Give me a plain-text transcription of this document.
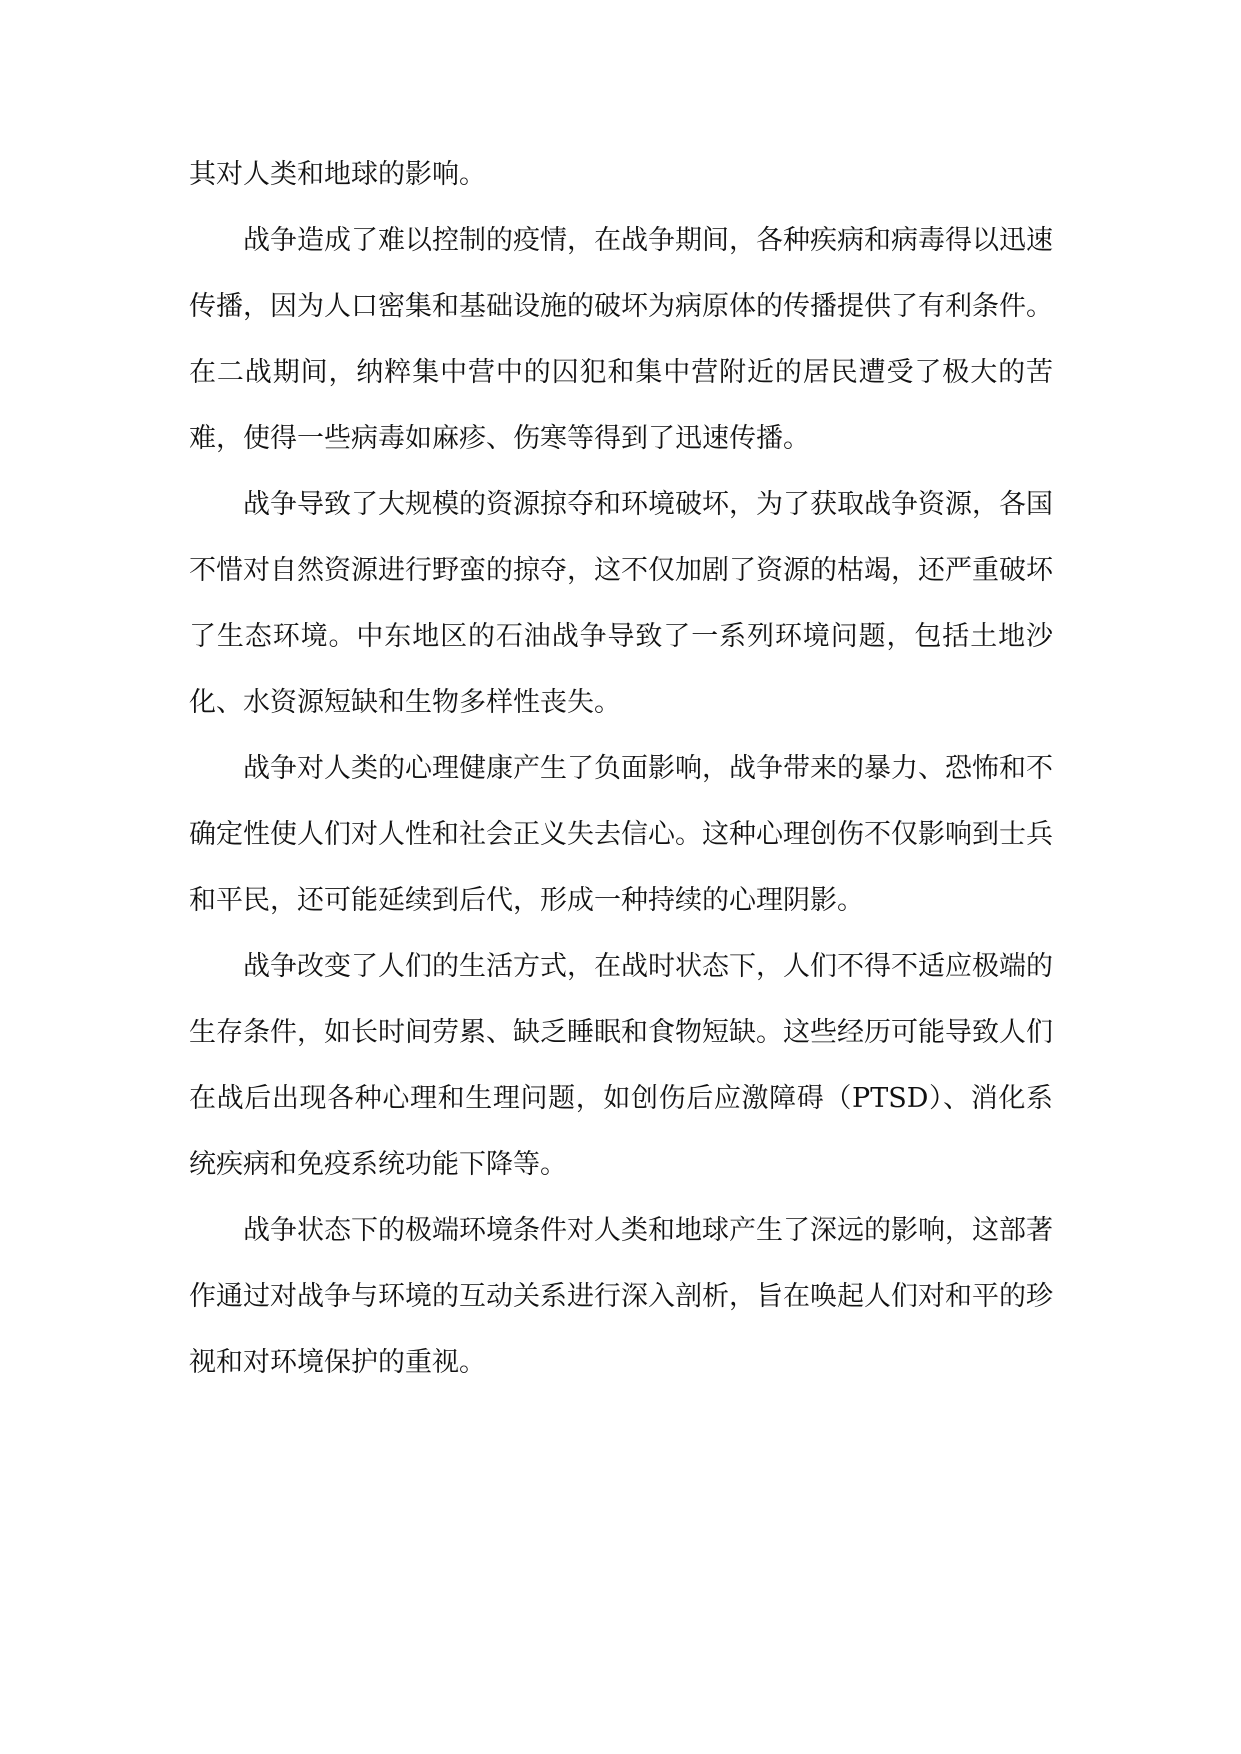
其对人类和地球的影响。

战争造成了难以控制的疫情，在战争期间，各种疾病和病毒得以迅速传播，因为人口密集和基础设施的破坏为病原体的传播提供了有利条件。在二战期间，纳粹集中营中的囚犯和集中营附近的居民遭受了极大的苦难，使得一些病毒如麻疹、伤寒等得到了迅速传播。

战争导致了大规模的资源掠夺和环境破坏，为了获取战争资源，各国不惜对自然资源进行野蛮的掠夺，这不仅加剧了资源的枯竭，还严重破坏了生态环境。中东地区的石油战争导致了一系列环境问题，包括土地沙化、水资源短缺和生物多样性丧失。

战争对人类的心理健康产生了负面影响，战争带来的暴力、恐怖和不确定性使人们对人性和社会正义失去信心。这种心理创伤不仅影响到士兵和平民，还可能延续到后代，形成一种持续的心理阴影。

战争改变了人们的生活方式，在战时状态下，人们不得不适应极端的生存条件，如长时间劳累、缺乏睡眠和食物短缺。这些经历可能导致人们在战后出现各种心理和生理问题，如创伤后应激障碍（PTSD）、消化系统疾病和免疫系统功能下降等。

战争状态下的极端环境条件对人类和地球产生了深远的影响，这部著作通过对战争与环境的互动关系进行深入剖析，旨在唤起人们对和平的珍视和对环境保护的重视。
